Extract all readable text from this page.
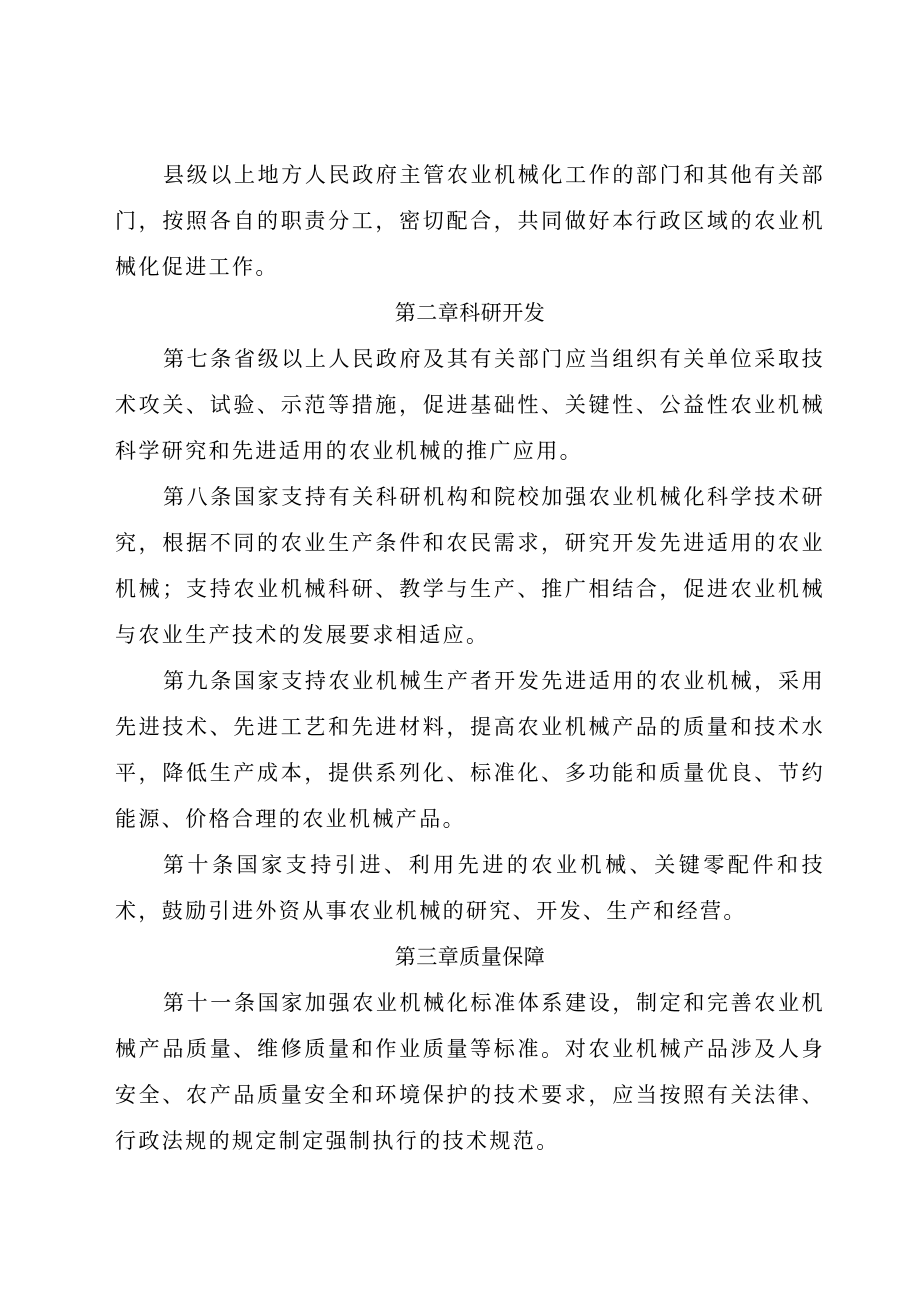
县级以上地方人民政府主管农业机械化工作的部门和其他有关部门，按照各自的职责分工，密切配合，共同做好本行政区域的农业机械化促进工作。

第二章科研开发

第七条省级以上人民政府及其有关部门应当组织有关单位采取技术攻关、试验、示范等措施，促进基础性、关键性、公益性农业机械科学研究和先进适用的农业机械的推广应用。

第八条国家支持有关科研机构和院校加强农业机械化科学技术研究，根据不同的农业生产条件和农民需求，研究开发先进适用的农业机械；支持农业机械科研、教学与生产、推广相结合，促进农业机械与农业生产技术的发展要求相适应。

第九条国家支持农业机械生产者开发先进适用的农业机械，采用先进技术、先进工艺和先进材料，提高农业机械产品的质量和技术水平，降低生产成本，提供系列化、标准化、多功能和质量优良、节约能源、价格合理的农业机械产品。

第十条国家支持引进、利用先进的农业机械、关键零配件和技术，鼓励引进外资从事农业机械的研究、开发、生产和经营。

第三章质量保障

第十一条国家加强农业机械化标准体系建设，制定和完善农业机械产品质量、维修质量和作业质量等标准。对农业机械产品涉及人身安全、农产品质量安全和环境保护的技术要求，应当按照有关法律、行政法规的规定制定强制执行的技术规范。
